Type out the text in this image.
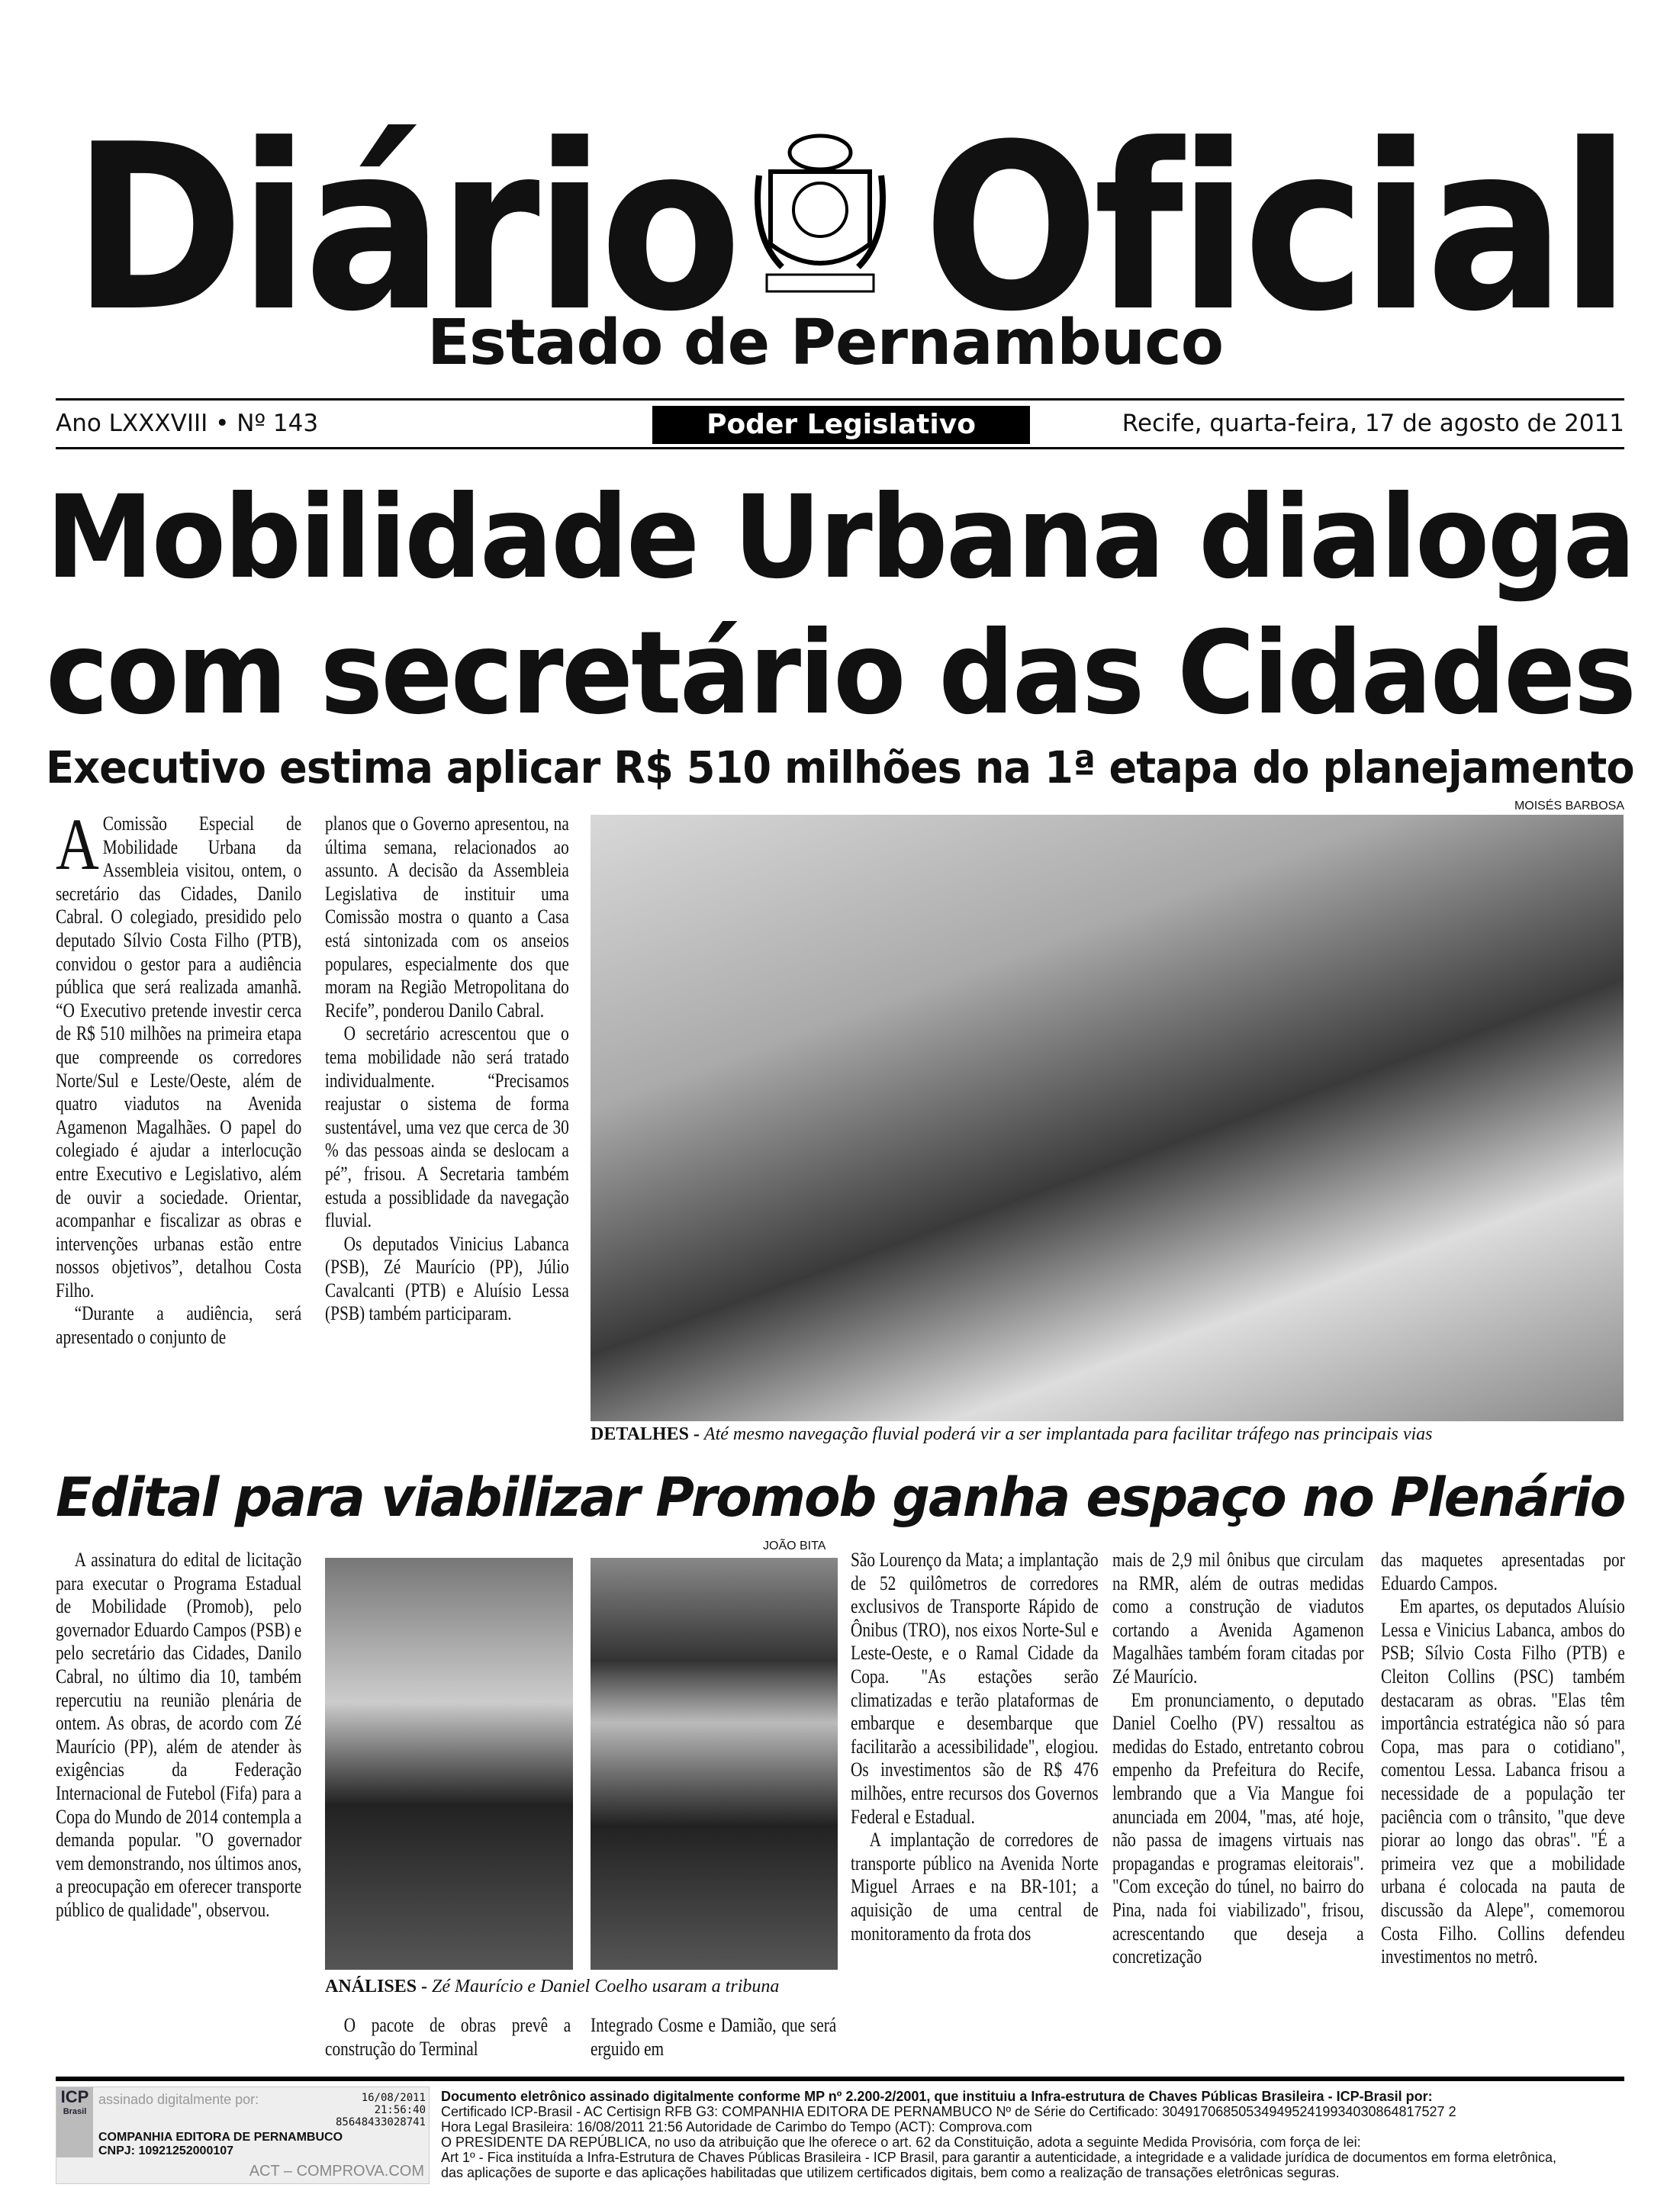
Diário Oficial
Estado de Pernambuco
Ano LXXXVIII • Nº 143	Poder Legislativo	Recife, quarta-feira, 17 de agosto de 2011
Mobilidade Urbana dialoga
com secretário das Cidades
Executivo estima aplicar R$ 510 milhões na 1ª etapa do planejamento
MOISÉS BARBOSA
A Comissão Especial de Mobilidade Urbana da Assembleia visitou, ontem, o secretário das Cidades, Danilo Cabral. O colegiado, presidido pelo deputado Sílvio Costa Filho (PTB), convidou o gestor para a audiência pública que será realizada amanhã. “O Executivo pretende investir cerca de R$ 510 milhões na primeira etapa que compreende os corredores Norte/Sul e Leste/Oeste, além de quatro viadutos na Avenida Agamenon Magalhães. O papel do colegiado é ajudar a interlocução entre Executivo e Legislativo, além de ouvir a sociedade. Orientar, acompanhar e fiscalizar as obras e intervenções urbanas estão entre nossos objetivos”, detalhou Costa Filho.

“Durante a audiência, será apresentado o conjunto de

planos que o Governo apresentou, na última semana, relacionados ao assunto. A decisão da Assembleia Legislativa de instituir uma Comissão mostra o quanto a Casa está sintonizada com os anseios populares, especialmente dos que moram na Região Metropolitana do Recife”, ponderou Danilo Cabral.

O secretário acrescentou que o tema mobilidade não será tratado individualmente. “Precisamos reajustar o sistema de forma sustentável, uma vez que cerca de 30 % das pessoas ainda se deslocam a pé”, frisou. A Secretaria também estuda a possiblidade da navegação fluvial.

Os deputados Vinicius Labanca (PSB), Zé Maurício (PP), Júlio Cavalcanti (PTB) e Aluísio Lessa (PSB) também participaram.

DETALHES - Até mesmo navegação fluvial poderá vir a ser implantada para facilitar tráfego nas principais vias
Edital para viabilizar Promob ganha espaço no Plenário
JOÃO BITA

A assinatura do edital de licitação para executar o Programa Estadual de Mobilidade (Promob), pelo governador Eduardo Campos (PSB) e pelo secretário das Cidades, Danilo Cabral, no último dia 10, também repercutiu na reunião plenária de ontem. As obras, de acordo com Zé Maurício (PP), além de atender às exigências da Federação Internacional de Futebol (Fifa) para a Copa do Mundo de 2014 contempla a demanda popular. "O governador vem demonstrando, nos últimos anos, a preocupação em oferecer transporte público de qualidade", observou.

ANÁLISES - Zé Maurício e Daniel Coelho usaram a tribuna

O pacote de obras prevê a construção do Terminal

Integrado Cosme e Damião, que será erguido em
São Lourenço da Mata; a implantação de 52 quilômetros de corredores exclusivos de Transporte Rápido de Ônibus (TRO), nos eixos Norte-Sul e Leste-Oeste, e o Ramal Cidade da Copa. "As estações serão climatizadas e terão plataformas de embarque e desembarque que facilitarão a acessibilidade", elogiou. Os investimentos são de R$ 476 milhões, entre recursos dos Governos Federal e Estadual.

A implantação de corredores de transporte público na Avenida Norte Miguel Arraes e na BR-101; a aquisição de uma central de monitoramento da frota dos

mais de 2,9 mil ônibus que circulam na RMR, além de outras medidas como a construção de viadutos cortando a Avenida Agamenon Magalhães também foram citadas por Zé Maurício.

Em pronunciamento, o deputado Daniel Coelho (PV) ressaltou as medidas do Estado, entretanto cobrou empenho da Prefeitura do Recife, lembrando que a Via Mangue foi anunciada em 2004, "mas, até hoje, não passa de imagens virtuais nas propagandas e programas eleitorais". "Com exceção do túnel, no bairro do Pina, nada foi viabilizado", frisou, acrescentando que deseja a concretização

das maquetes apresentadas por Eduardo Campos.

Em apartes, os deputados Aluísio Lessa e Vinicius Labanca, ambos do PSB; Sílvio Costa Filho (PTB) e Cleiton Collins (PSC) também destacaram as obras. "Elas têm importância estratégica não só para Copa, mas para o cotidiano", comentou Lessa. Labanca frisou a necessidade de a população ter paciência com o trânsito, "que deve piorar ao longo das obras". "É a primeira vez que a mobilidade urbana é colocada na pauta de discussão da Alepe", comemorou Costa Filho. Collins defendeu investimentos no metrô.

ICP
Brasil
assinado digitalmente por:	16/08/2011
21:56:40
85648433028741
COMPANHIA EDITORA DE PERNAMBUCO
CNPJ: 10921252000107
ACT – COMPROVA.COM
Documento eletrônico assinado digitalmente conforme MP nº 2.200-2/2001, que instituiu a Infra-estrutura de Chaves Públicas Brasileira - ICP-Brasil por:
Certificado ICP-Brasil - AC Certisign RFB G3: COMPANHIA EDITORA DE PERNAMBUCO Nº de Série do Certificado: 3049170685053494952419934030864817527 2
Hora Legal Brasileira: 16/08/2011 21:56 Autoridade de Carimbo do Tempo (ACT): Comprova.com
O PRESIDENTE DA REPÚBLICA, no uso da atribuição que lhe oferece o art. 62 da Constituição, adota a seguinte Medida Provisória, com força de lei:
Art 1º - Fica instituída a Infra-Estrutura de Chaves Públicas Brasileira - ICP Brasil, para garantir a autenticidade, a integridade e a validade jurídica de documentos em forma eletrônica,
das aplicações de suporte e das aplicações habilitadas que utilizem certificados digitais, bem como a realização de transações eletrônicas seguras.
